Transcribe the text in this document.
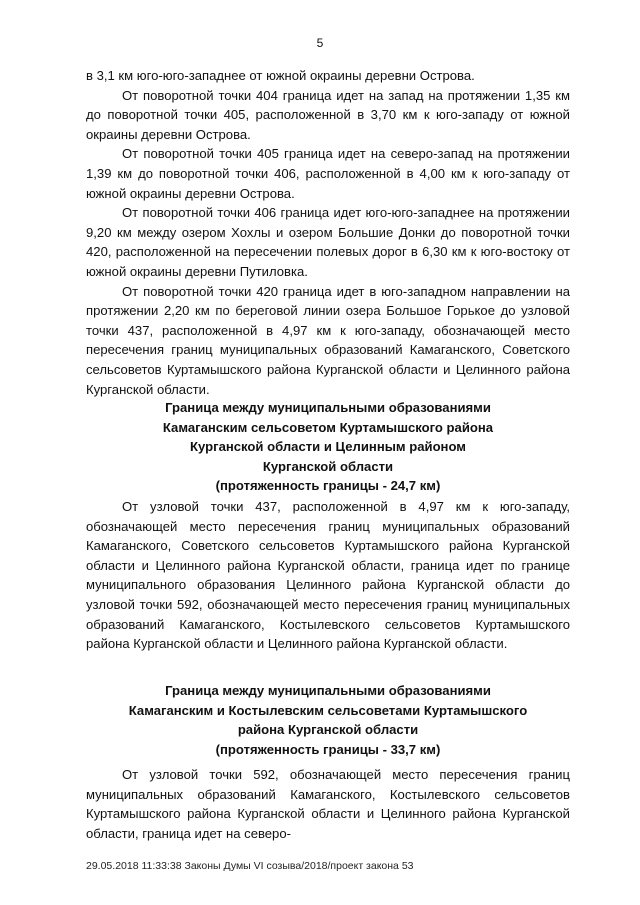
5

в 3,1 км юго-юго-западнее от южной окраины деревни Острова.

От поворотной точки 404 граница идет на запад на протяжении 1,35 км до поворотной точки 405, расположенной в 3,70 км к юго-западу от южной окраины деревни Острова.

От поворотной точки 405 граница идет на северо-запад на протяжении 1,39 км до поворотной точки 406, расположенной в 4,00 км к юго-западу от южной окраины деревни Острова.

От поворотной точки 406 граница идет юго-юго-западнее на протяжении 9,20 км между озером Хохлы и озером Большие Донки до поворотной точки 420, расположенной на пересечении полевых дорог в 6,30 км к юго-востоку от южной окраины деревни Путиловка.

От поворотной точки 420 граница идет в юго-западном направлении на протяжении 2,20 км по береговой линии озера Большое Горькое до узловой точки 437, расположенной в 4,97 км к юго-западу, обозначающей место пересечения границ муниципальных образований Камаганского, Советского сельсоветов Куртамышского района Курганской области и Целинного района Курганской области.

Граница между муниципальными образованиями
Камаганским сельсоветом Куртамышского района
Курганской области и Целинным районом
Курганской области
(протяженность границы - 24,7 км)

От узловой точки 437, расположенной в 4,97 км к юго-западу, обозначающей место пересечения границ муниципальных образований Камаганского, Советского сельсоветов Куртамышского района Курганской области и Целинного района Курганской области, граница идет по границе муниципального образования Целинного района Курганской области до узловой точки 592, обозначающей место пересечения границ муниципальных образований Камаганского, Костылевского сельсоветов Куртамышского района Курганской области и Целинного района Курганской области.

Граница между муниципальными образованиями
Камаганским и Костылевским сельсоветами Куртамышского
района Курганской области
(протяженность границы - 33,7 км)

От узловой точки 592, обозначающей место пересечения границ муниципальных образований Камаганского, Костылевского сельсоветов Куртамышского района Курганской области и Целинного района Курганской области, граница идет на северо-

29.05.2018 11:33:38 Законы Думы VI созыва/2018/проект закона 53
